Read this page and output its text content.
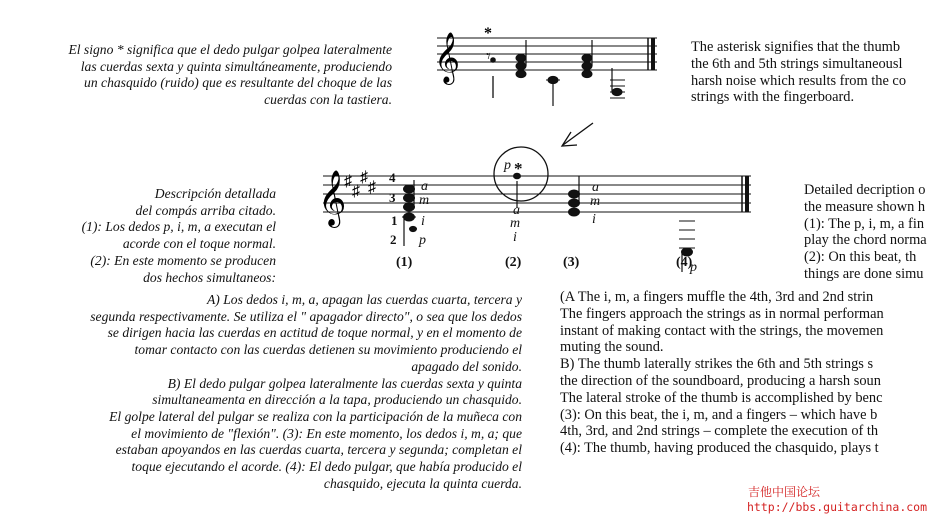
El signo * significa que el dedo pulgar golpea lateralmente
las cuerdas sexta y quinta simultáneamente, produciendo
un chasquido (ruido) que es resultante del choque de las
cuerdas con la tastiera.
The asterisk signifies that the thumb
the 6th and 5th strings simultaneousl
harsh noise which results from the co
strings with the fingerboard.
Descripción detallada
del compás arriba citado.
(1): Los dedos p, i, m, a executan el
acorde con el toque normal.
(2): En este momento se producen
dos hechos simultaneos:
Detailed decription o
the measure shown h
(1): The p, i, m, a fin
play the chord norma
(2): On this beat, th
things are done simu
A) Los dedos i, m, a, apagan las cuerdas cuarta, tercera y
segunda respectivamente. Se utiliza el " apagador directo", o sea que los dedos
se dirigen hacia las cuerdas en actitud de toque normal, y en el momento de
tomar contacto con las cuerdas detienen su movimiento produciendo el
apagado del sonido.
B) El dedo pulgar golpea lateralmente las cuerdas sexta y quinta
simultaneamenta en dirección a la tapa, produciendo un chasquido.
El golpe lateral del pulgar se realiza con la participación de la muñeca con
el movimiento de "flexión". (3): En este momento, los dedos i, m, a; que
estaban apoyandos en las cuerdas cuarta, tercera y segunda; completan el
toque ejecutando el acorde. (4): El dedo pulgar, que había producido el
chasquido, ejecuta la quinta cuerda.
(A The i, m, a fingers muffle the 4th, 3rd and 2nd strin
The fingers approach the strings as in normal performan
instant of making contact with the strings, the movemen
muting the sound.
B) The thumb laterally strikes the 6th and 5th strings s
the direction of the soundboard, producing a harsh soun
The lateral stroke of the thumb is accomplished by benc
(3): On this beat, the i, m, and a fingers – which have b
4th, 3rd, and 2nd strings – complete the execution of th
(4): The thumb, having produced the chasquido, plays t
𝄞 *
𝄾
𝄞
♯
♯
♯
♯
4
3
1
2
a
m
i
p
p *
a
m
i
a
m
i
p
(1)	(2)	(3)	(4)
吉他中国论坛
http://bbs.guitarchina.com
